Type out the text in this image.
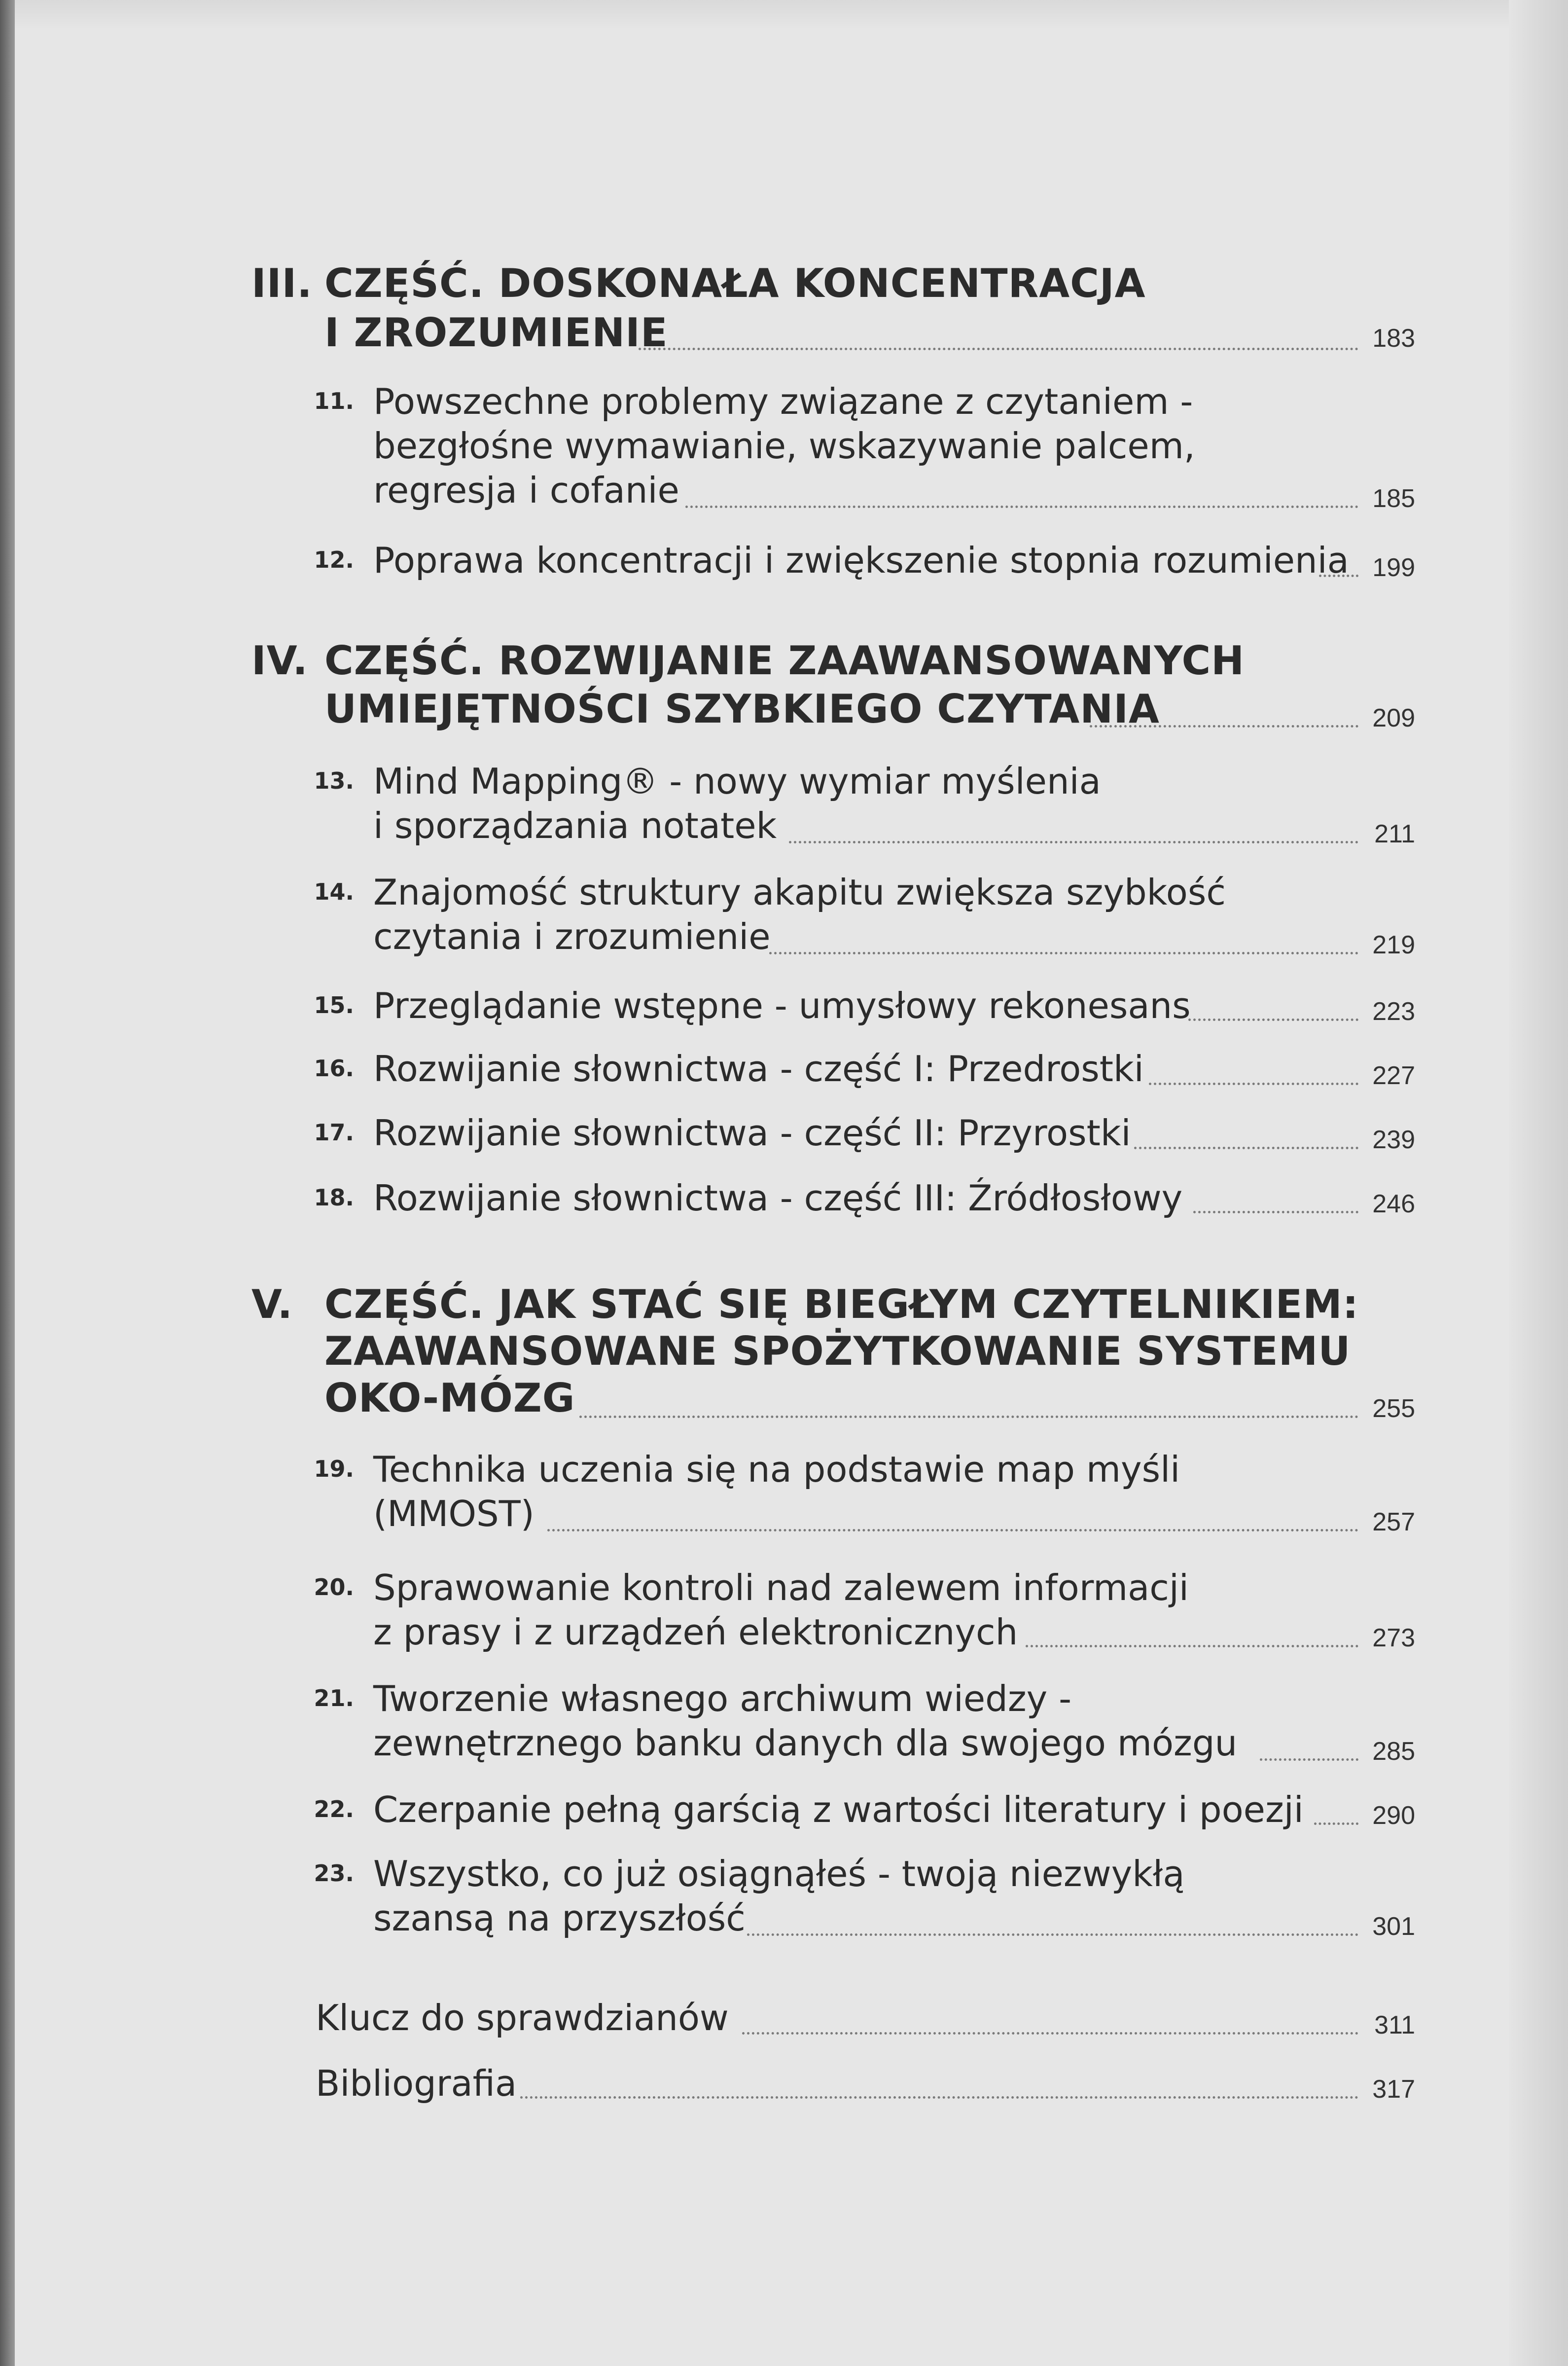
III. CZĘŚĆ. DOSKONAŁA KONCENTRACJA
I ZROZUMIENIE	183
11. Powszechne problemy związane z czytaniem -
bezgłośne wymawianie, wskazywanie palcem,
regresja i cofanie	185
12. Poprawa koncentracji i zwiększenie stopnia rozumienia 199
IV. CZĘŚĆ. ROZWIJANIE ZAAWANSOWANYCH
UMIEJĘTNOŚCI SZYBKIEGO CZYTANIA	209
13. Mind Mapping® - nowy wymiar myślenia
i sporządzania notatek	211
14. Znajomość struktury akapitu zwiększa szybkość
czytania i zrozumienie	219
15. Przeglądanie wstępne - umysłowy rekonesans	223
16. Rozwijanie słownictwa - część I: Przedrostki	227
17. Rozwijanie słownictwa - część II: Przyrostki	239
18. Rozwijanie słownictwa - część III: Źródłosłowy	246
V. CZĘŚĆ. JAK STAĆ SIĘ BIEGŁYM CZYTELNIKIEM:
ZAAWANSOWANE SPOŻYTKOWANIE SYSTEMU
OKO-MÓZG	255
19. Technika uczenia się na podstawie map myśli
(MMOST)	257
20. Sprawowanie kontroli nad zalewem informacji
z prasy i z urządzeń elektronicznych	273
21. Tworzenie własnego archiwum wiedzy -
zewnętrznego banku danych dla swojego mózgu	285
22. Czerpanie pełną garścią z wartości literatury i poezji	290
23. Wszystko, co już osiągnąłeś - twoją niezwykłą
szansą na przyszłość	301
Klucz do sprawdzianów	311
Bibliografia	317
